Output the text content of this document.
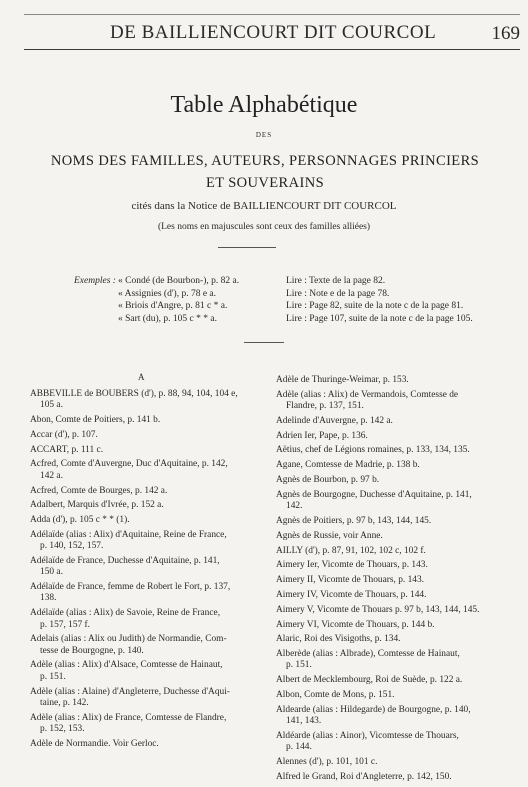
DE BAILLIENCOURT DIT COURCOL	169
Table Alphabétique
DES
NOMS DES FAMILLES, AUTEURS, PERSONNAGES PRINCIERS
ET SOUVERAINS
cités dans la Notice de BAILLIENCOURT DIT COURCOL
(Les noms en majuscules sont ceux des familles alliées)
Exemples : « Condé (de Bourbon-), p. 82 a.	Lire : Texte de la page 82.
« Assignies (d'), p. 78 e a.	Lire : Note e de la page 78.
« Briois d'Angre, p. 81 c * a.	Lire : Page 82, suite de la note c de la page 81.
« Sart (du), p. 105 c * * a.	Lire : Page 107, suite de la note c de la page 105.
A
ABBEVILLE de BOUBERS (d'), p. 88, 94, 104, 104 e,
105 a.
Abon, Comte de Poitiers, p. 141 b.
Accar (d'), p. 107.
ACCART, p. 111 c.
Acfred, Comte d'Auvergne, Duc d'Aquitaine, p. 142,
142 a.
Acfred, Comte de Bourges, p. 142 a.
Adalbert, Marquis d'Ivrée, p. 152 a.
Adda (d'), p. 105 c * * (1).
Adélaïde (alias : Alix) d'Aquitaine, Reine de France,
p. 140, 152, 157.
Adélaïde de France, Duchesse d'Aquitaine, p. 141,
150 a.
Adélaïde de France, femme de Robert le Fort, p. 137,
138.
Adélaïde (alias : Alix) de Savoie, Reine de France,
p. 157, 157 f.
Adelais (alias : Alix ou Judith) de Normandie, Com-
tesse de Bourgogne, p. 140.
Adèle (alias : Alix) d'Alsace, Comtesse de Hainaut,
p. 151.
Adèle (alias : Alaine) d'Angleterre, Duchesse d'Aqui-
taine, p. 142.
Adèle (alias : Alix) de France, Comtesse de Flandre,
p. 152, 153.
Adèle de Normandie. Voir Gerloc.
Adèle de Thuringe-Weimar, p. 153.
Adèle (alias : Alix) de Vermandois, Comtesse de
Flandre, p. 137, 151.
Adelinde d'Auvergne, p. 142 a.
Adrien Ier, Pape, p. 136.
Aëtius, chef de Légions romaines, p. 133, 134, 135.
Agane, Comtesse de Madrie, p. 138 b.
Agnès de Bourbon, p. 97 b.
Agnès de Bourgogne, Duchesse d'Aquitaine, p. 141,
142.
Agnès de Poitiers, p. 97 b, 143, 144, 145.
Agnès de Russie, voir Anne.
AILLY (d'), p. 87, 91, 102, 102 c, 102 f.
Aimery Ier, Vicomte de Thouars, p. 143.
Aimery II, Vicomte de Thouars, p. 143.
Aimery IV, Vicomte de Thouars, p. 144.
Aimery V, Vicomte de Thouars p. 97 b, 143, 144, 145.
Aimery VI, Vicomte de Thouars, p. 144 b.
Alaric, Roi des Visigoths, p. 134.
Alberède (alias : Albrade), Comtesse de Hainaut,
p. 151.
Albert de Mecklembourg, Roi de Suède, p. 122 a.
Albon, Comte de Mons, p. 151.
Aldearde (alias : Hildegarde) de Bourgogne, p. 140,
141, 143.
Aldéarde (alias : Ainor), Vicomtesse de Thouars,
p. 144.
Alennes (d'), p. 101, 101 c.
Alfred le Grand, Roi d'Angleterre, p. 142, 150.
